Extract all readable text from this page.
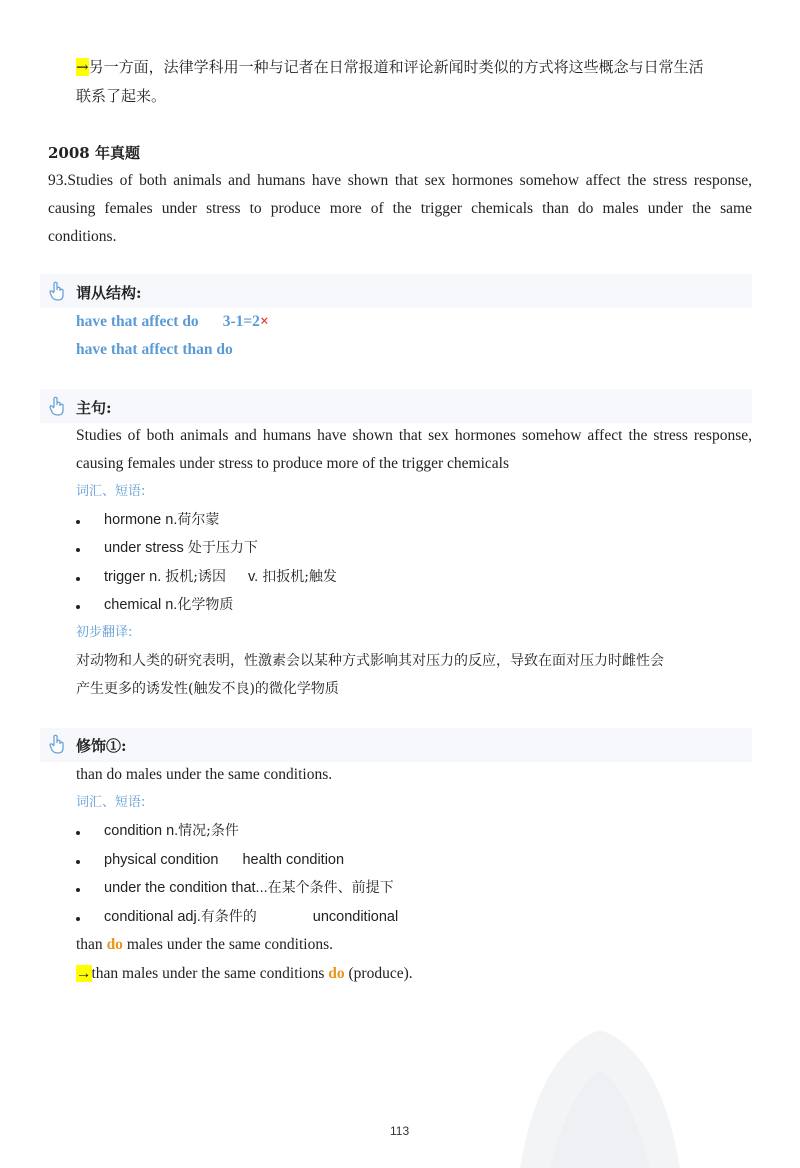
→另一方面，法律学科用一种与记者在日常报道和评论新闻时类似的方式将这些概念与日常生活
联系了起来。
2008 年真题
93.Studies of both animals and humans have shown that sex hormones somehow affect the stress response,
causing females under stress to produce more of the trigger chemicals than do males under the same
conditions.
谓从结构:
have that affect do 3-1=2×
have that affect than do
主句:
Studies of both animals and humans have shown that sex hormones somehow affect the stress response,
causing females under stress to produce more of the trigger chemicals
词汇、短语:
hormone n.荷尔蒙
under stress 处于压力下
trigger n. 扳机;诱因 v. 扣扳机;触发
chemical n.化学物质
初步翻译:
对动物和人类的研究表明，性激素会以某种方式影响其对压力的反应，导致在面对压力时雌性会
产生更多的诱发性(触发不良)的微化学物质
修饰①:
than do males under the same conditions.
词汇、短语:
condition n.情况;条件
physical condition health condition
under the condition that...在某个条件、前提下
conditional adj.有条件的	unconditional
than do males under the same conditions.
→than males under the same conditions do (produce).
113
